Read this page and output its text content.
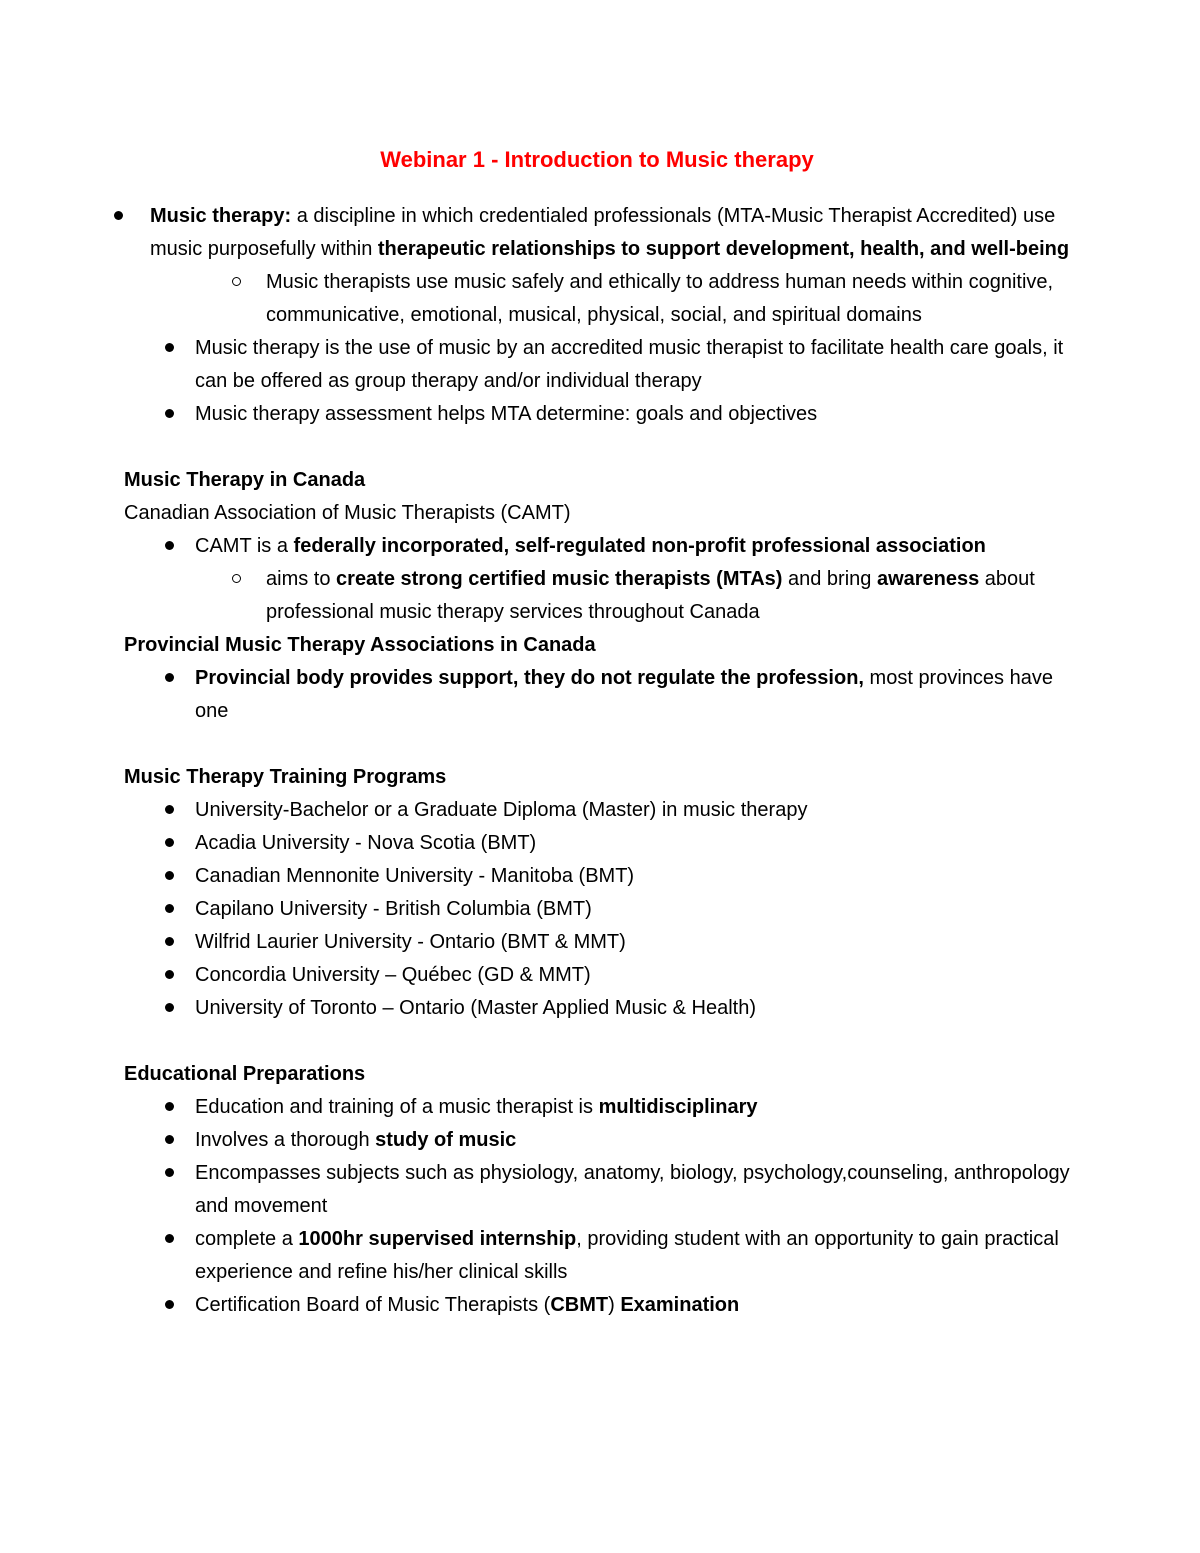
Webinar 1 - Introduction to Music therapy
Music therapy: a discipline in which credentialed professionals (MTA-Music Therapist Accredited) use music purposefully within therapeutic relationships to support development, health, and well-being
Music therapists use music safely and ethically to address human needs within cognitive, communicative, emotional, musical, physical, social, and spiritual domains
Music therapy is the use of music by an accredited music therapist to facilitate health care goals, it can be offered as group therapy and/or individual therapy
Music therapy assessment helps MTA determine: goals and objectives

Music Therapy in Canada

Canadian Association of Music Therapists (CAMT)

CAMT is a federally incorporated, self-regulated non-profit professional association
aims to create strong certified music therapists (MTAs) and bring awareness about professional music therapy services throughout Canada

Provincial Music Therapy Associations in Canada

Provincial body provides support, they do not regulate the profession, most provinces have one

Music Therapy Training Programs

University-Bachelor or a Graduate Diploma (Master) in music therapy
Acadia University - Nova Scotia (BMT)
Canadian Mennonite University - Manitoba (BMT)
Capilano University - British Columbia (BMT)
Wilfrid Laurier University - Ontario (BMT & MMT)
Concordia University – Québec (GD & MMT)
University of Toronto – Ontario (Master Applied Music & Health)

Educational Preparations

Education and training of a music therapist is multidisciplinary
Involves a thorough study of music
Encompasses subjects such as physiology, anatomy, biology, psychology,counseling, anthropology and movement
complete a 1000hr supervised internship, providing student with an opportunity to gain practical experience and refine his/her clinical skills
Certification Board of Music Therapists (CBMT) Examination
